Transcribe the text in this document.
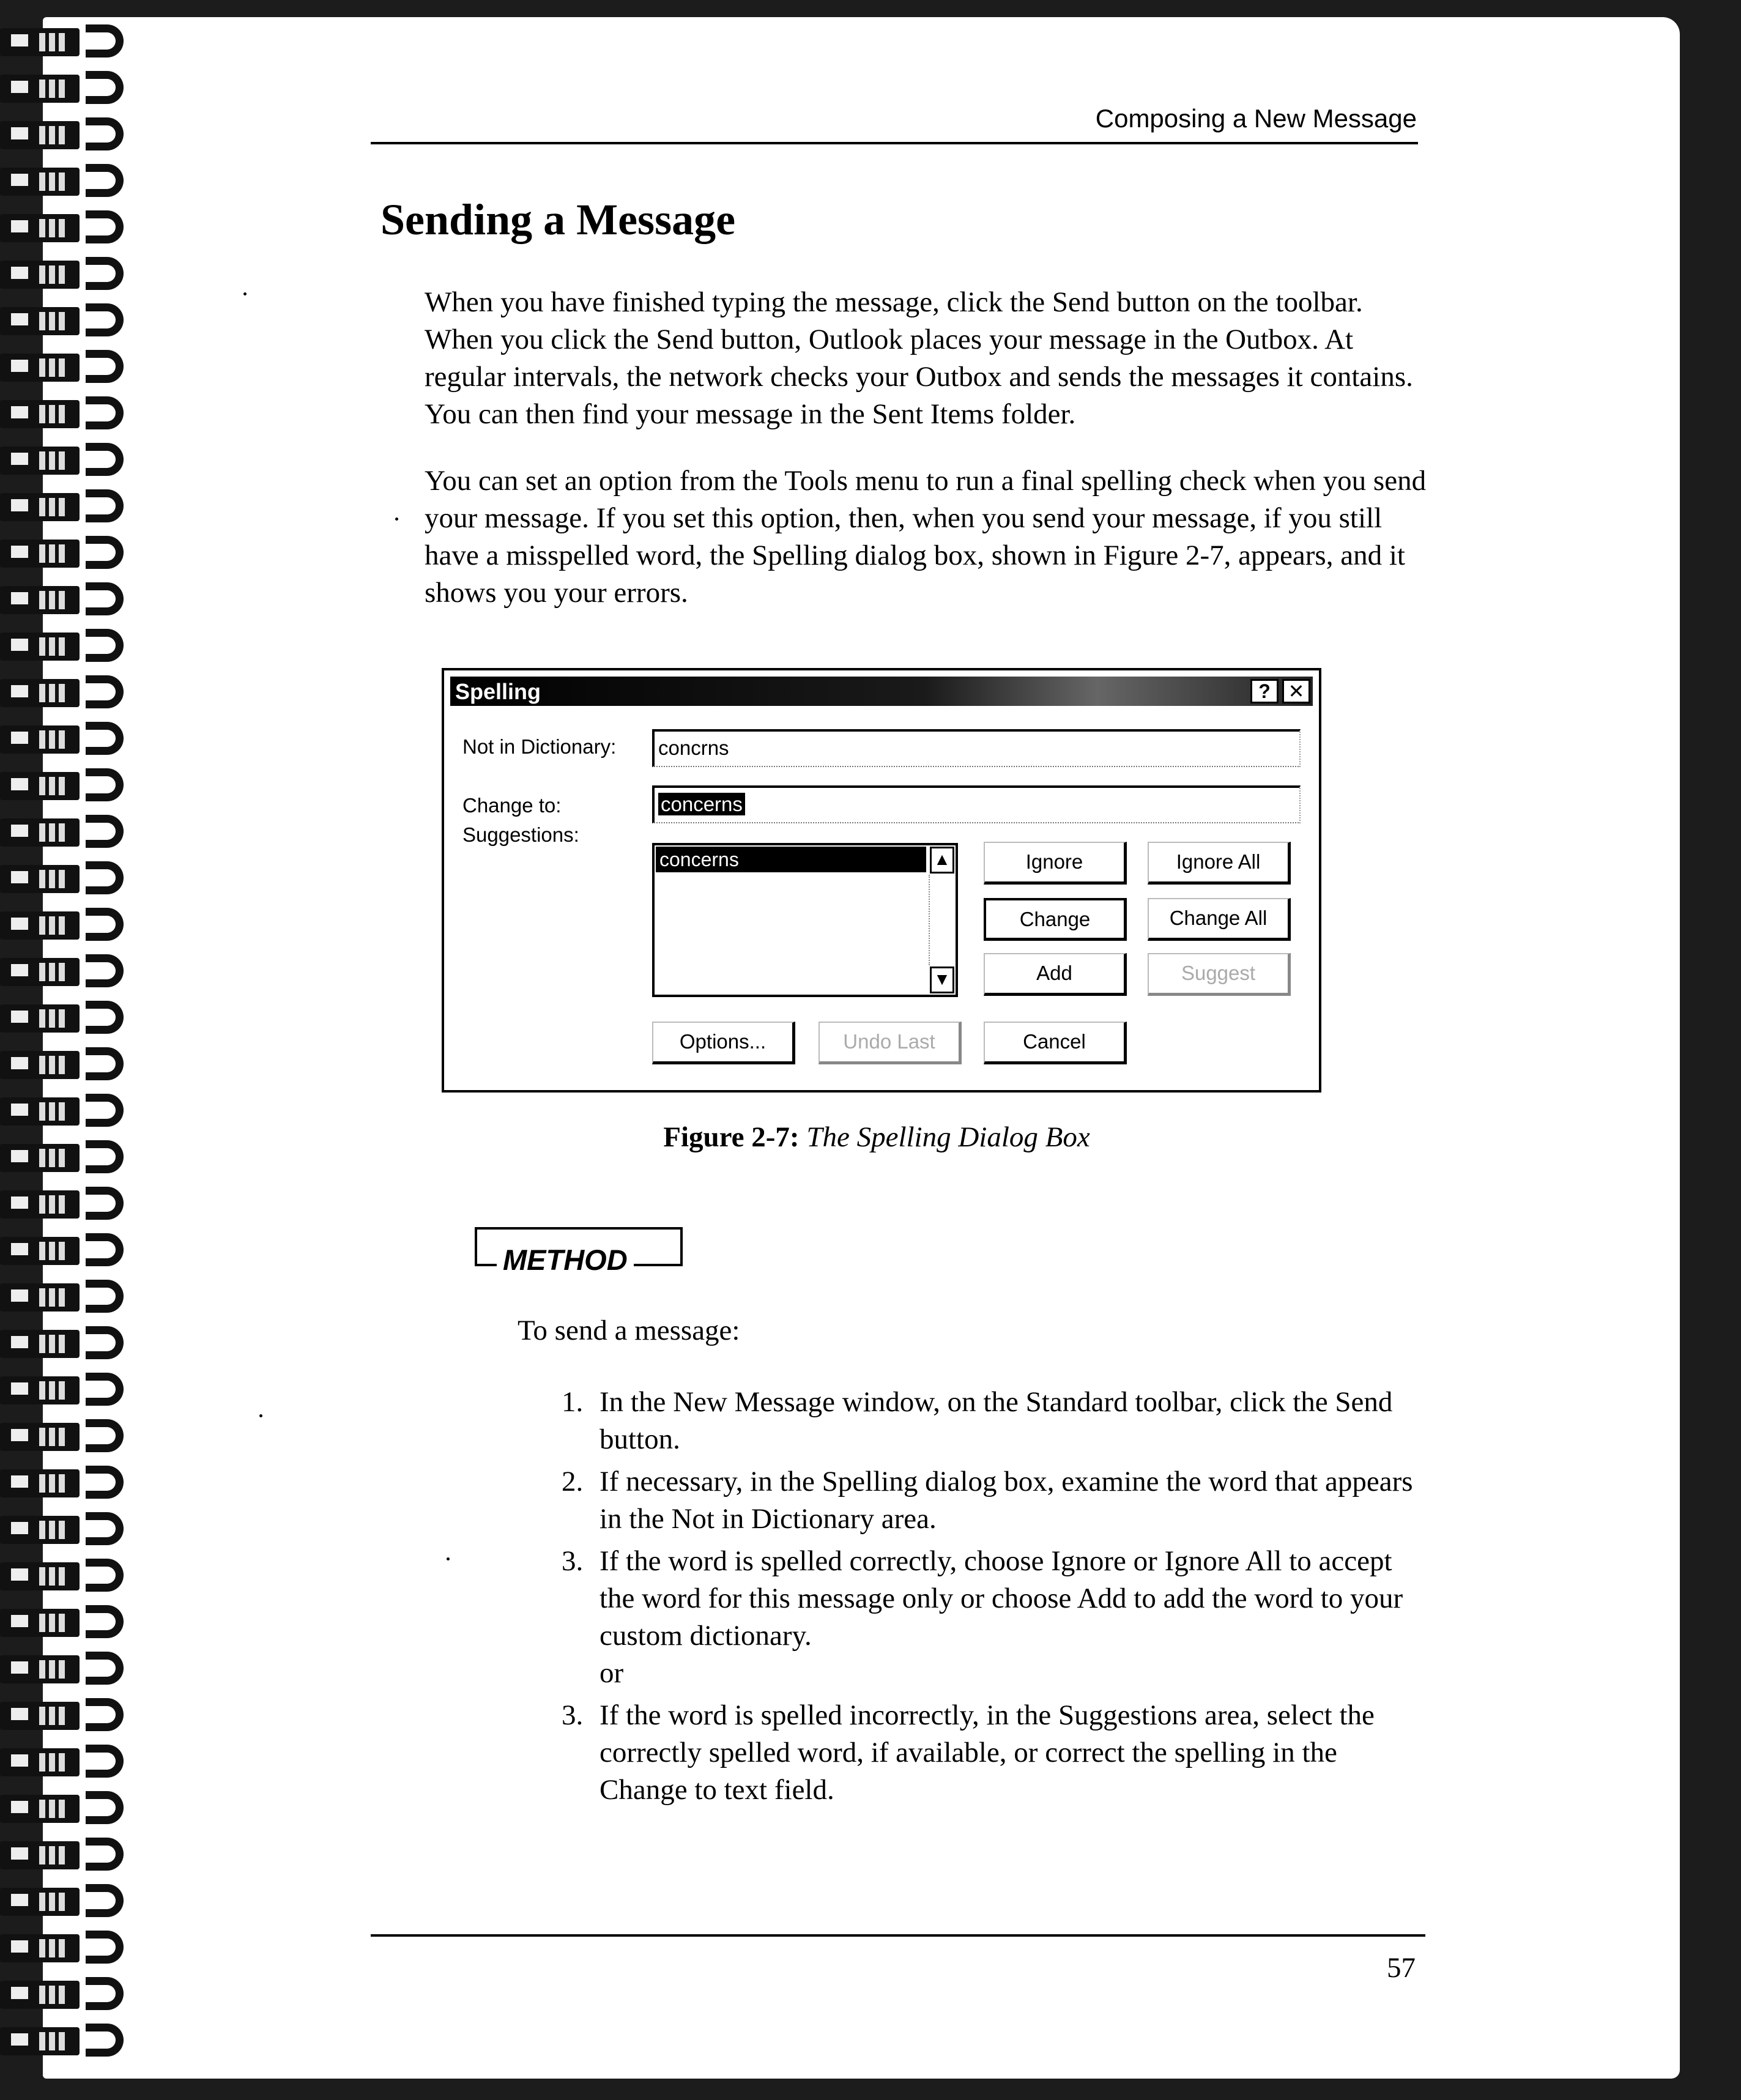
Composing a New Message
Sending a Message

When you have finished typing the message, click the Send button on the toolbar. When you click the Send button, Outlook places your message in the Outbox. At regular intervals, the network checks your Outbox and sends the messages it contains. You can then find your message in the Sent Items folder.

You can set an option from the Tools menu to run a final spelling check when you send your message. If you set this option, then, when you send your message, if you still have a misspelled word, the Spelling dialog box, shown in Figure 2-7, appears, and it shows you your errors.

Spelling	? ✕
Not in Dictionary:	concrns
Change to:	concerns
Suggestions:
concerns	▲
▼
Ignore	Ignore All
Change	Change All
Add	Suggest
Options...	Undo Last	Cancel
Figure 2-7: The Spelling Dialog Box
METHOD
To send a message:
1. In the New Message window, on the Standard toolbar, click the Send button.
2. If necessary, in the Spelling dialog box, examine the word that appears in the Not in Dictionary area.
3. If the word is spelled correctly, choose Ignore or Ignore All to accept the word for this message only or choose Add to add the word to your custom dictionary.
or
3. If the word is spelled incorrectly, in the Suggestions area, select the correctly spelled word, if available, or correct the spelling in the Change to text field.
57
